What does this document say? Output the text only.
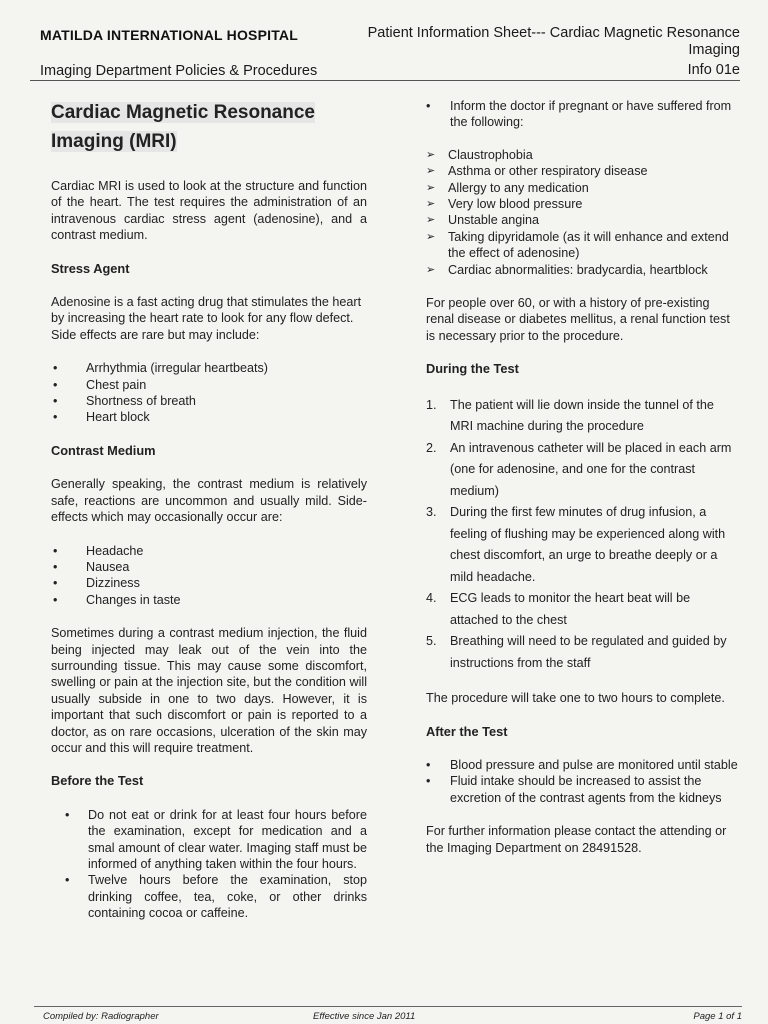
MATILDA INTERNATIONAL HOSPITAL	Patient Information Sheet--- Cardiac Magnetic Resonance Imaging
Imaging Department Policies & Procedures	Info 01e
Cardiac Magnetic Resonance Imaging (MRI)

Cardiac MRI is used to look at the structure and function of the heart. The test requires the administration of an intravenous cardiac stress agent (adenosine), and a contrast medium.

Stress Agent

Adenosine is a fast acting drug that stimulates the heart by increasing the heart rate to look for any flow defect. Side effects are rare but may include:

• Arrhythmia (irregular heartbeats)
• Chest pain
• Shortness of breath
• Heart block
Contrast Medium

Generally speaking, the contrast medium is relatively safe, reactions are uncommon and usually mild. Side-effects which may occasionally occur are:

• Headache
• Nausea
• Dizziness
• Changes in taste

Sometimes during a contrast medium injection, the fluid being injected may leak out of the vein into the surrounding tissue. This may cause some discomfort, swelling or pain at the injection site, but the condition will usually subside in one to two days. However, it is important that such discomfort or pain is reported to a doctor, as on rare occasions, ulceration of the skin may occur and this will require treatment.

Before the Test
• Do not eat or drink for at least four hours before the examination, except for medication and a smal amount of clear water. Imaging staff must be informed of anything taken within the four hours.
• Twelve hours before the examination, stop drinking coffee, tea, coke, or other drinks containing cocoa or caffeine.
• Inform the doctor if pregnant or have suffered from the following:
➢ Claustrophobia
➢ Asthma or other respiratory disease
➢ Allergy to any medication
➢ Very low blood pressure
➢ Unstable angina
➢ Taking dipyridamole (as it will enhance and extend the effect of adenosine)
➢ Cardiac abnormalities: bradycardia, heartblock

For people over 60, or with a history of pre-existing renal disease or diabetes mellitus, a renal function test is necessary prior to the procedure.

During the Test
The patient will lie down inside the tunnel of the MRI machine during the procedure
An intravenous catheter will be placed in each arm (one for adenosine, and one for the contrast medium)
During the first few minutes of drug infusion, a feeling of flushing may be experienced along with chest discomfort, an urge to breathe deeply or a mild headache.
ECG leads to monitor the heart beat will be attached to the chest
Breathing will need to be regulated and guided by instructions from the staff

The procedure will take one to two hours to complete.

After the Test
• Blood pressure and pulse are monitored until stable
• Fluid intake should be increased to assist the excretion of the contrast agents from the kidneys

For further information please contact the attending or the Imaging Department on 28491528.

Compiled by: Radiographer	Effective since Jan 2011	Page 1 of 1
